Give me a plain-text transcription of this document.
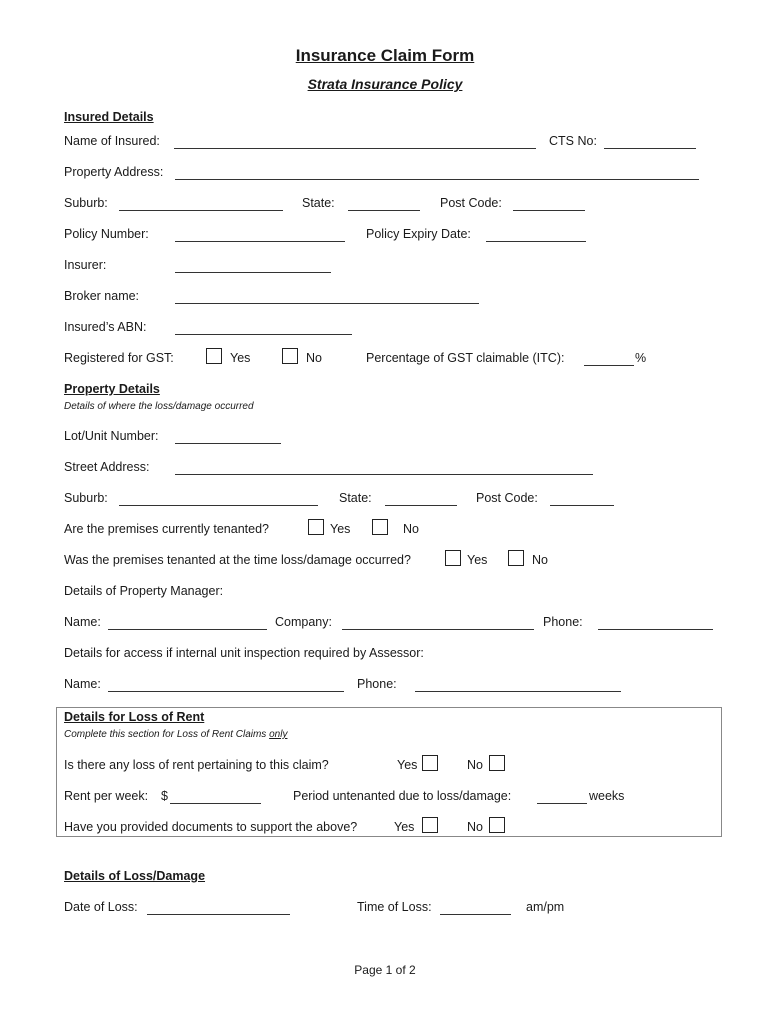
Insurance Claim Form
Strata Insurance Policy
Insured Details
Name of Insured:	CTS No:
Property Address:
Suburb:	State:	Post Code:
Policy Number:	Policy Expiry Date:
Insurer:
Broker name:
Insured’s ABN:
Registered for GST:	Yes	No	Percentage of GST claimable (ITC):	%
Property Details
Details of where the loss/damage occurred
Lot/Unit Number:
Street Address:
Suburb:	State:	Post Code:
Are the premises currently tenanted?	Yes	No
Was the premises tenanted at the time loss/damage occurred?	Yes	No
Details of Property Manager:
Name:	Company:	Phone:
Details for access if internal unit inspection required by Assessor:
Name:	Phone:
Details for Loss of Rent
Complete this section for Loss of Rent Claims only
Is there any loss of rent pertaining to this claim?	Yes	No
Rent per week: $	Period untenanted due to loss/damage:	weeks
Have you provided documents to support the above?	Yes	No
Details of Loss/Damage
Date of Loss:	Time of Loss:	am/pm
Page 1 of 2
